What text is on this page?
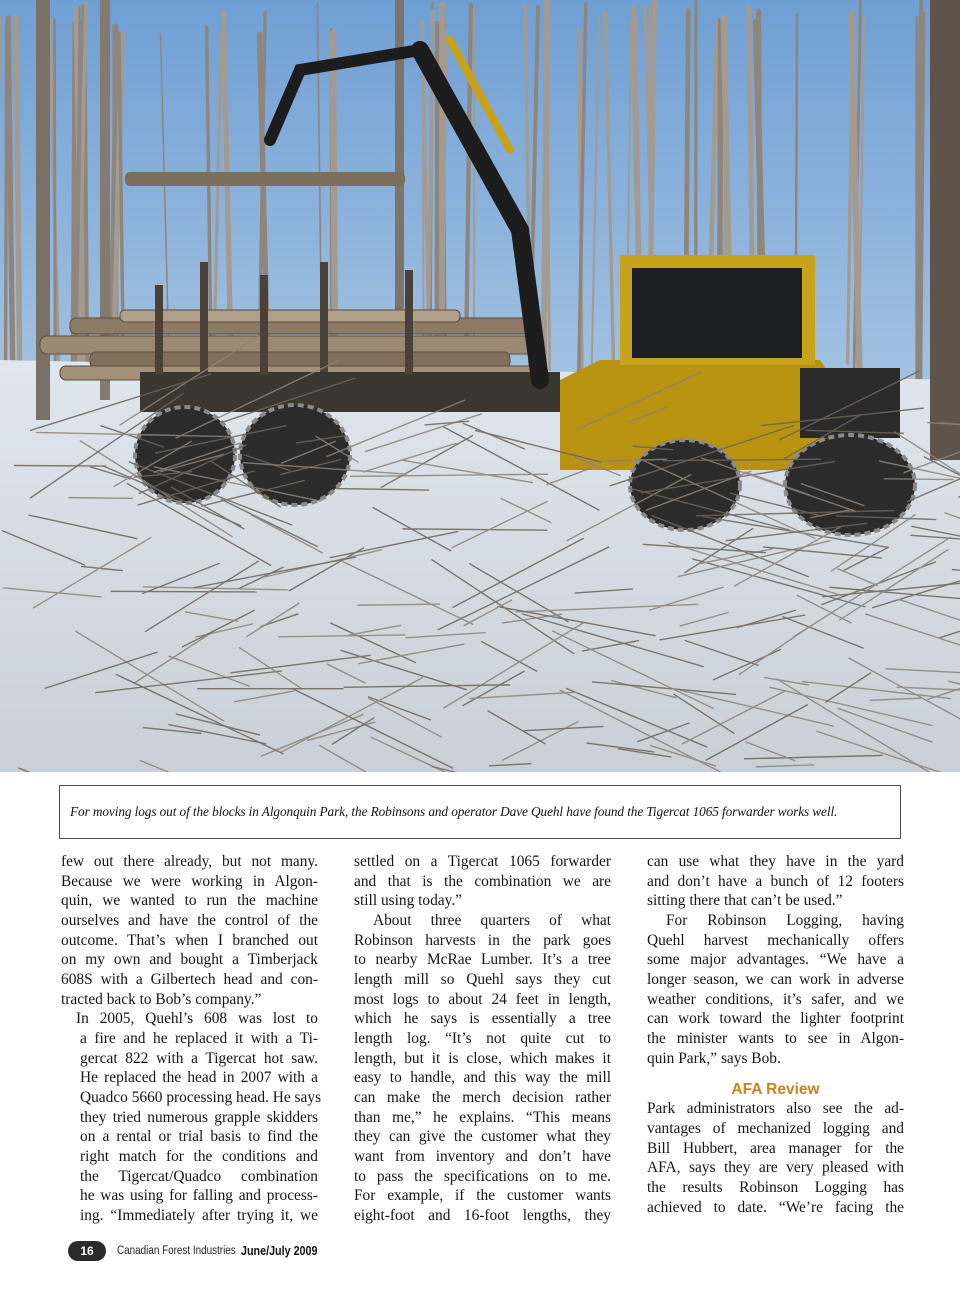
For moving logs out of the blocks in Algonquin Park, the Robinsons and operator Dave Quehl have found the Tigercat 1065 forwarder works well.

few out there already, but not many.
Because we were working in Algon-
quin, we wanted to run the machine
ourselves and have the control of the
outcome. That’s when I branched out
on my own and bought a Timberjack
608S with a Gilbertech head and con-
tracted back to Bob’s company.”

In 2005, Quehl’s 608 was lost to
a fire and he replaced it with a Ti-
gercat 822 with a Tigercat hot saw.
He replaced the head in 2007 with a
Quadco 5660 processing head. He says
they tried numerous grapple skidders
on a rental or trial basis to find the
right match for the conditions and
the Tigercat/Quadco combination
he was using for falling and process-
ing. “Immediately after trying it, we

settled on a Tigercat 1065 forwarder
and that is the combination we are
still using today.”

About three quarters of what
Robinson harvests in the park goes
to nearby McRae Lumber. It’s a tree
length mill so Quehl says they cut
most logs to about 24 feet in length,
which he says is essentially a tree
length log. “It’s not quite cut to
length, but it is close, which makes it
easy to handle, and this way the mill
can make the merch decision rather
than me,” he explains. “This means
they can give the customer what they
want from inventory and don’t have
to pass the specifications on to me.
For example, if the customer wants
eight-foot and 16-foot lengths, they

can use what they have in the yard
and don’t have a bunch of 12 footers
sitting there that can’t be used.”

For Robinson Logging, having
Quehl harvest mechanically offers
some major advantages. “We have a
longer season, we can work in adverse
weather conditions, it’s safer, and we
can work toward the lighter footprint
the minister wants to see in Algon-
quin Park,” says Bob.

AFA Review

Park administrators also see the ad-
vantages of mechanized logging and
Bill Hubbert, area manager for the
AFA, says they are very pleased with
the results Robinson Logging has
achieved to date. “We’re facing the

16	Canadian Forest Industries June/July 2009
